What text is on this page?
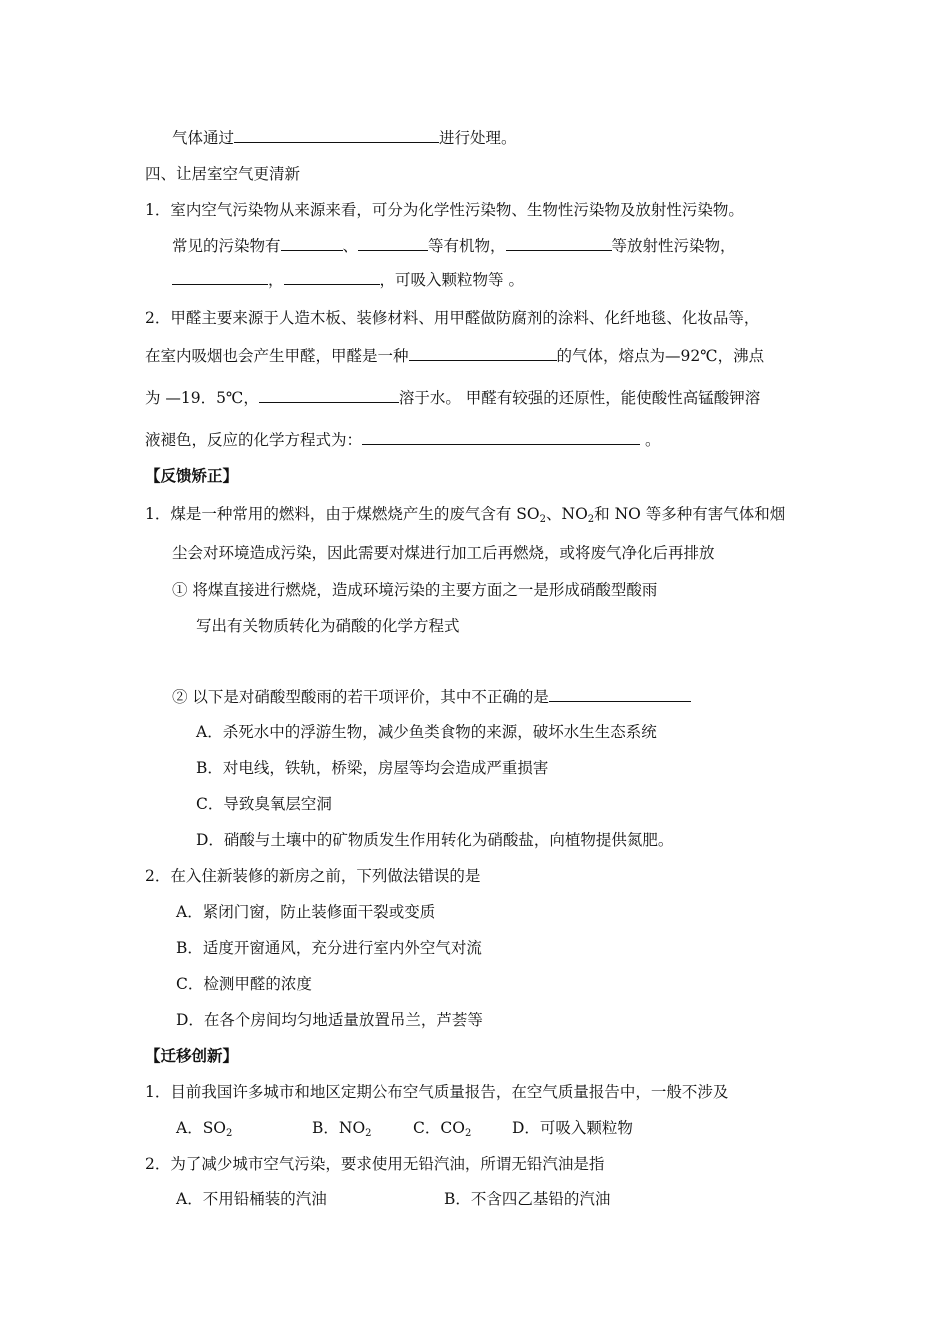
气体通过	进行处理。
四、让居室空气更清新
1．室内空气污染物从来源来看，可分为化学性污染物、生物性污染物及放射性污染物。
常见的污染物有	、	等有机物，	等放射性污染物，
，	，可吸入颗粒物等 。
2．甲醛主要来源于人造木板、装修材料、用甲醛做防腐剂的涂料、化纤地毯、化妆品等，
在室内吸烟也会产生甲醛，甲醛是一种	的气体，熔点为—92℃，沸点
为 —19．5℃，	溶于水。 甲醛有较强的还原性，能使酸性高锰酸钾溶
液褪色，反应的化学方程式为：	。
【反馈矫正】
1．煤是一种常用的燃料，由于煤燃烧产生的废气含有 $SO_2$、$NO_2$和 NO 等多种有害气体和烟
尘会对环境造成污染，因此需要对煤进行加工后再燃烧，或将废气净化后再排放
① 将煤直接进行燃烧，造成环境污染的主要方面之一是形成硝酸型酸雨
写出有关物质转化为硝酸的化学方程式
② 以下是对硝酸型酸雨的若干项评价，其中不正确的是
A．杀死水中的浮游生物，减少鱼类食物的来源，破坏水生生态系统
B．对电线，铁轨，桥梁，房屋等均会造成严重损害
C．导致臭氧层空洞
D．硝酸与土壤中的矿物质发生作用转化为硝酸盐，向植物提供氮肥。
2．在入住新装修的新房之前，下列做法错误的是
A．紧闭门窗，防止装修面干裂或变质
B．适度开窗通风，充分进行室内外空气对流
C．检测甲醛的浓度
D．在各个房间均匀地适量放置吊兰，芦荟等
【迁移创新】
1．目前我国许多城市和地区定期公布空气质量报告，在空气质量报告中，一般不涉及
A．$SO_2$	B．$NO_2$	C．$CO_2$	D．可吸入颗粒物
2．为了减少城市空气污染，要求使用无铅汽油，所谓无铅汽油是指
A．不用铅桶装的汽油	B．不含四乙基铅的汽油
